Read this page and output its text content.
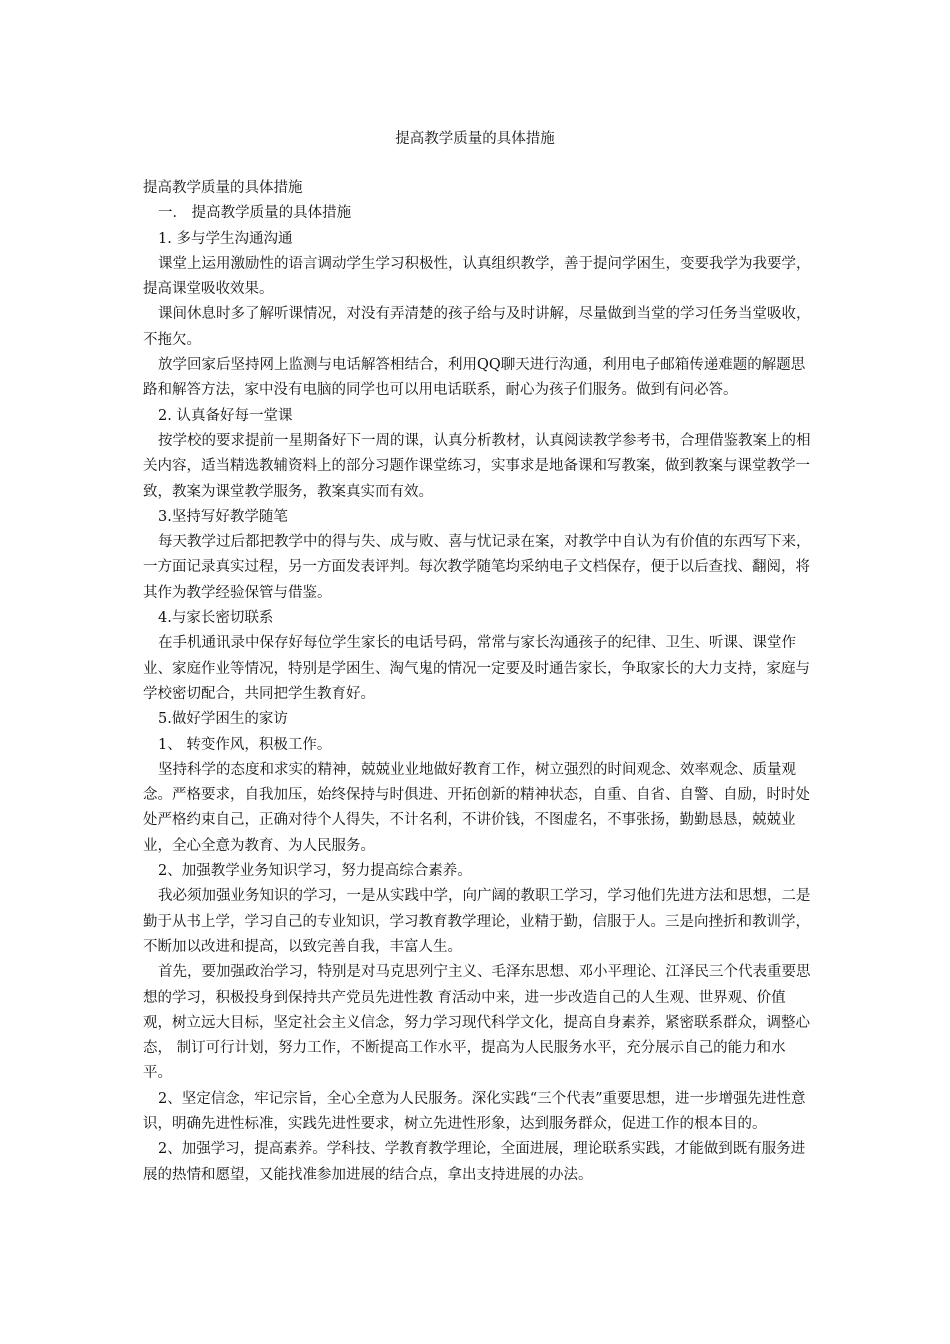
提高教学质量的具体措施

提高教学质量的具体措施

一． 提高教学质量的具体措施

1. 多与学生沟通沟通

课堂上运用激励性的语言调动学生学习积极性，认真组织教学，善于提问学困生，变要我学为我要学，提高课堂吸收效果。

课间休息时多了解听课情况，对没有弄清楚的孩子给与及时讲解，尽量做到当堂的学习任务当堂吸收，不拖欠。

放学回家后坚持网上监测与电话解答相结合，利用QQ聊天进行沟通，利用电子邮箱传递难题的解题思路和解答方法，家中没有电脑的同学也可以用电话联系，耐心为孩子们服务。做到有问必答。

2. 认真备好每一堂课

按学校的要求提前一星期备好下一周的课，认真分析教材，认真阅读教学参考书，合理借鉴教案上的相关内容，适当精选教辅资料上的部分习题作课堂练习，实事求是地备课和写教案，做到教案与课堂教学一致，教案为课堂教学服务，教案真实而有效。

3.坚持写好教学随笔

每天教学过后都把教学中的得与失、成与败、喜与忧记录在案，对教学中自认为有价值的东西写下来，一方面记录真实过程，另一方面发表评判。每次教学随笔均采纳电子文档保存，便于以后查找、翻阅，将其作为教学经验保管与借鉴。

4.与家长密切联系

在手机通讯录中保存好每位学生家长的电话号码，常常与家长沟通孩子的纪律、卫生、听课、课堂作业、家庭作业等情况，特别是学困生、淘气鬼的情况一定要及时通告家长，争取家长的大力支持，家庭与学校密切配合，共同把学生教育好。

5.做好学困生的家访

1、 转变作风，积极工作。

坚持科学的态度和求实的精神，兢兢业业地做好教育工作，树立强烈的时间观念、效率观念、质量观念。严格要求，自我加压，始终保持与时俱进、开拓创新的精神状态，自重、自省、自警、自励，时时处处严格约束自己，正确对待个人得失，不计名利，不讲价钱，不图虚名，不事张扬，勤勤恳恳，兢兢业业，全心全意为教育、为人民服务。

2、加强教学业务知识学习，努力提高综合素养。

我必须加强业务知识的学习，一是从实践中学，向广阔的教职工学习，学习他们先进方法和思想，二是勤于从书上学，学习自己的专业知识，学习教育教学理论，业精于勤，信服于人。三是向挫折和教训学，不断加以改进和提高，以致完善自我，丰富人生。

首先，要加强政治学习，特别是对马克思列宁主义、毛泽东思想、邓小平理论、江泽民三个代表重要思想的学习，积极投身到保持共产党员先进性教 育活动中来，进一步改造自己的人生观、世界观、价值观，树立远大目标，坚定社会主义信念，努力学习现代科学文化，提高自身素养，紧密联系群众，调整心态， 制订可行计划，努力工作，不断提高工作水平，提高为人民服务水平，充分展示自己的能力和水平。

2、坚定信念，牢记宗旨，全心全意为人民服务。深化实践“三个代表”重要思想，进一步增强先进性意识，明确先进性标准，实践先进性要求，树立先进性形象，达到服务群众，促进工作的根本目的。

2、加强学习，提高素养。学科技、学教育教学理论，全面进展，理论联系实践，才能做到既有服务进展的热情和愿望，又能找准参加进展的结合点，拿出支持进展的办法。
